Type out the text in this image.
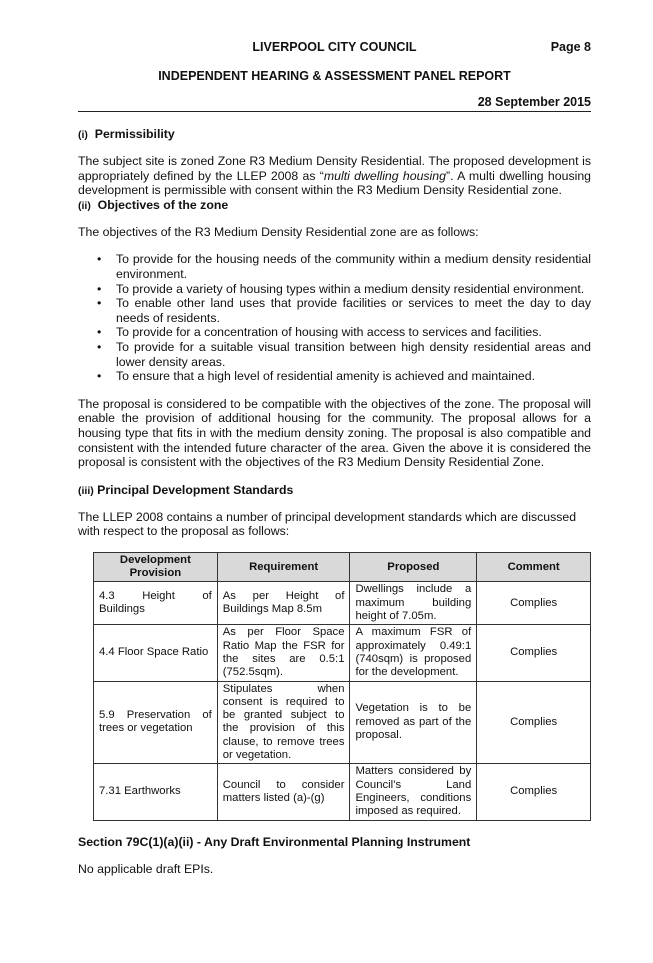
LIVERPOOL CITY COUNCIL	Page 8
INDEPENDENT HEARING & ASSESSMENT PANEL REPORT
28 September 2015
(i) Permissibility

The subject site is zoned Zone R3 Medium Density Residential. The proposed development is appropriately defined by the LLEP 2008 as “multi dwelling housing”. A multi dwelling housing development is permissible with consent within the R3 Medium Density Residential zone.

(ii) Objectives of the zone

The objectives of the R3 Medium Density Residential zone are as follows:

• To provide for the housing needs of the community within a medium density residential environment.
• To provide a variety of housing types within a medium density residential environment.
• To enable other land uses that provide facilities or services to meet the day to day needs of residents.
• To provide for a concentration of housing with access to services and facilities.
• To provide for a suitable visual transition between high density residential areas and lower density areas.
• To ensure that a high level of residential amenity is achieved and maintained.

The proposal is considered to be compatible with the objectives of the zone. The proposal will enable the provision of additional housing for the community. The proposal allows for a housing type that fits in with the medium density zoning. The proposal is also compatible and consistent with the intended future character of the area. Given the above it is considered the proposal is consistent with the objectives of the R3 Medium Density Residential Zone.

(iii) Principal Development Standards

The LLEP 2008 contains a number of principal development standards which are discussed with respect to the proposal as follows:

Development Provision	Requirement	Proposed	Comment
4.3 Height of Buildings	As per Height of Buildings Map 8.5m	Dwellings include a maximum building height of 7.05m.	Complies
4.4 Floor Space Ratio	As per Floor Space Ratio Map the FSR for the sites are 0.5:1 (752.5sqm).	A maximum FSR of approximately 0.49:1 (740sqm) is proposed for the development.	Complies
5.9 Preservation of trees or vegetation	Stipulates when consent is required to be granted subject to the provision of this clause, to remove trees or vegetation.	Vegetation is to be removed as part of the proposal.	Complies
7.31 Earthworks	Council to consider matters listed (a)-(g)	Matters considered by Council’s Land Engineers, conditions imposed as required.	Complies
Section 79C(1)(a)(ii) - Any Draft Environmental Planning Instrument

No applicable draft EPIs.
